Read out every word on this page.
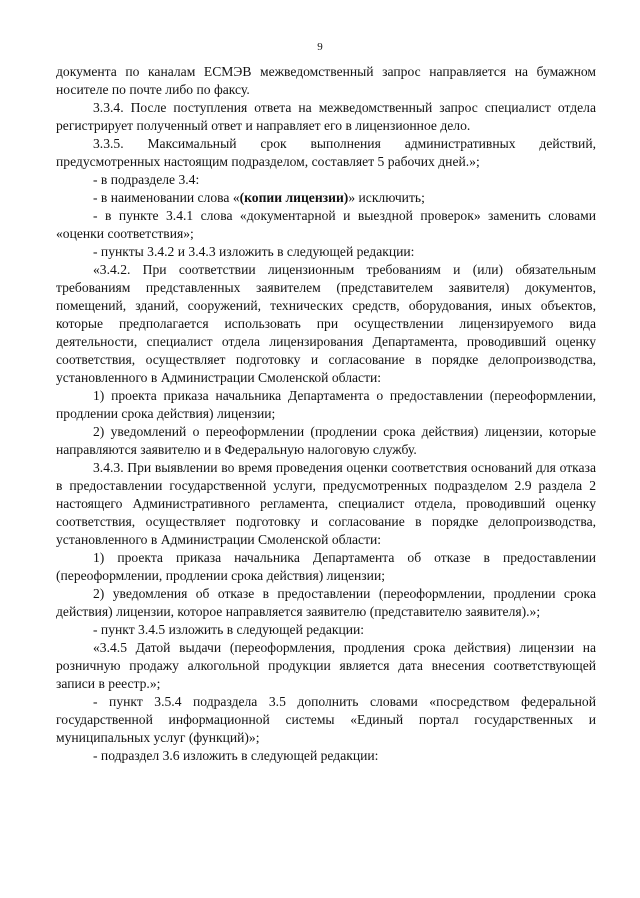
9

документа по каналам ЕСМЭВ межведомственный запрос направляется на бумажном носителе по почте либо по факсу.

3.3.4. После поступления ответа на межведомственный запрос специалист отдела регистрирует полученный ответ и направляет его в лицензионное дело.

3.3.5. Максимальный срок выполнения административных действий, предусмотренных настоящим подразделом, составляет 5 рабочих дней.»;

- в подразделе 3.4:

- в наименовании слова «(копии лицензии)» исключить;

- в пункте 3.4.1 слова «документарной и выездной проверок» заменить словами «оценки соответствия»;

- пункты 3.4.2 и 3.4.3 изложить в следующей редакции:

«3.4.2. При соответствии лицензионным требованиям и (или) обязательным требованиям представленных заявителем (представителем заявителя) документов, помещений, зданий, сооружений, технических средств, оборудования, иных объектов, которые предполагается использовать при осуществлении лицензируемого вида деятельности, специалист отдела лицензирования Департамента, проводивший оценку соответствия, осуществляет подготовку и согласование в порядке делопроизводства, установленного в Администрации Смоленской области:

1) проекта приказа начальника Департамента о предоставлении (переоформлении, продлении срока действия) лицензии;

2) уведомлений о переоформлении (продлении срока действия) лицензии, которые направляются заявителю и в Федеральную налоговую службу.

3.4.3. При выявлении во время проведения оценки соответствия оснований для отказа в предоставлении государственной услуги, предусмотренных подразделом 2.9 раздела 2 настоящего Административного регламента, специалист отдела, проводивший оценку соответствия, осуществляет подготовку и согласование в порядке делопроизводства, установленного в Администрации Смоленской области:

1) проекта приказа начальника Департамента об отказе в предоставлении (переоформлении, продлении срока действия) лицензии;

2) уведомления об отказе в предоставлении (переоформлении, продлении срока действия) лицензии, которое направляется заявителю (представителю заявителя).»;

- пункт 3.4.5 изложить в следующей редакции:

«3.4.5 Датой выдачи (переоформления, продления срока действия) лицензии на розничную продажу алкогольной продукции является дата внесения соответствующей записи в реестр.»;

- пункт 3.5.4 подраздела 3.5 дополнить словами «посредством федеральной государственной информационной системы «Единый портал государственных и муниципальных услуг (функций)»;

- подраздел 3.6 изложить в следующей редакции:
